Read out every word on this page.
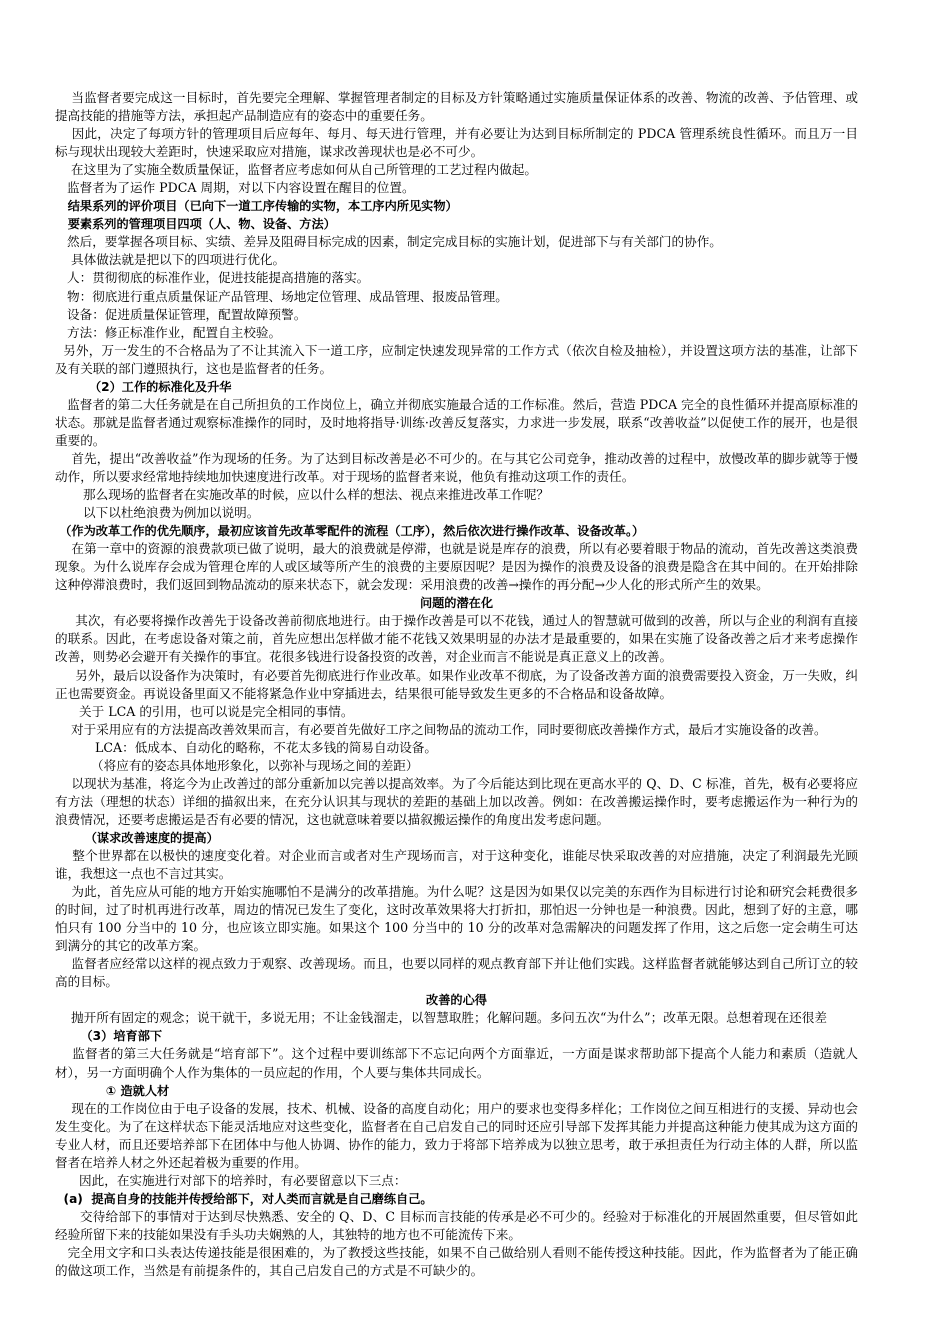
当监督者要完成这一目标时，首先要完全理解、掌握管理者制定的目标及方针策略通过实施质量保证体系的改善、物流的改善、予估管理、或提高技能的措施等方法，承担起产品制造应有的姿态中的重要任务。

因此，决定了每项方针的管理项目后应每年、每月、每天进行管理，并有必要让为达到目标所制定的 PDCA 管理系统良性循环。而且万一目标与现状出现较大差距时，快速采取应对措施，谋求改善现状也是必不可少。

在这里为了实施全数质量保证，监督者应考虑如何从自己所管理的工艺过程内做起。

监督者为了运作 PDCA 周期，对以下内容设置在醒目的位置。

结果系列的评价项目（已向下一道工序传输的实物，本工序内所见实物）

要素系列的管理项目四项（人、物、设备、方法）

然后，要掌握各项目标、实绩、差异及阻碍目标完成的因素，制定完成目标的实施计划，促进部下与有关部门的协作。

具体做法就是把以下的四项进行优化。

人：贯彻彻底的标准作业，促进技能提高措施的落实。

物：彻底进行重点质量保证产品管理、场地定位管理、成品管理、报废品管理。

设备：促进质量保证管理，配置故障预警。

方法：修正标准作业，配置自主校验。

另外，万一发生的不合格品为了不让其流入下一道工序，应制定快速发现异常的工作方式（依次自检及抽检），并设置这项方法的基准，让部下及有关联的部门遵照执行，这也是监督者的任务。

（2）工作的标准化及升华

监督者的第二大任务就是在自己所担负的工作岗位上，确立并彻底实施最合适的工作标准。然后，营造 PDCA 完全的良性循环并提高原标准的状态。那就是监督者通过观察标准操作的同时，及时地将指导·训练·改善反复落实，力求进一步发展，联系“改善收益”以促使工作的展开，也是很重要的。

首先，提出“改善收益”作为现场的任务。为了达到目标改善是必不可少的。在与其它公司竞争，推动改善的过程中，放慢改革的脚步就等于慢动作，所以要求经常地持续地加快速度进行改革。对于现场的监督者来说，他负有推动这项工作的责任。

那么现场的监督者在实施改革的时候，应以什么样的想法、视点来推进改革工作呢？

以下以杜绝浪费为例加以说明。

（作为改革工作的优先顺序，最初应该首先改革零配件的流程（工序），然后依次进行操作改革、设备改革。）

在第一章中的资源的浪费款项已做了说明，最大的浪费就是停滞，也就是说是库存的浪费，所以有必要着眼于物品的流动，首先改善这类浪费现象。为什么说库存会成为管理仓库的人或区域等所产生的浪费的主要原因呢？是因为操作的浪费及设备的浪费是隐含在其中间的。在开始排除这种停滞浪费时，我们返回到物品流动的原来状态下，就会发现：采用浪费的改善→操作的再分配→少人化的形式所产生的效果。

问题的潜在化

其次，有必要将操作改善先于设备改善前彻底地进行。由于操作改善是可以不花钱，通过人的智慧就可做到的改善，所以与企业的利润有直接的联系。因此，在考虑设备对策之前，首先应想出怎样做才能不花钱又效果明显的办法才是最重要的，如果在实施了设备改善之后才来考虑操作改善，则势必会避开有关操作的事宜。花很多钱进行设备投资的改善，对企业而言不能说是真正意义上的改善。

另外，最后以设备作为决策时，有必要首先彻底进行作业改革。如果作业改革不彻底，为了设备改善方面的浪费需要投入资金，万一失败，纠正也需要资金。再说设备里面又不能将紧急作业中穿插进去，结果很可能导致发生更多的不合格品和设备故障。

关于 LCA 的引用，也可以说是完全相同的事情。

对于采用应有的方法提高改善效果而言，有必要首先做好工序之间物品的流动工作，同时要彻底改善操作方式，最后才实施设备的改善。

LCA：低成本、自动化的略称，不花太多钱的简易自动设备。

（将应有的姿态具体地形象化，以弥补与现场之间的差距）

以现状为基准，将迄今为止改善过的部分重新加以完善以提高效率。为了今后能达到比现在更高水平的 Q、D、C 标准，首先，极有必要将应有方法（理想的状态）详细的描叙出来，在充分认识其与现状的差距的基础上加以改善。例如：在改善搬运操作时，要考虑搬运作为一种行为的浪费情况，还要考虑搬运是否有必要的情况，这也就意味着要以描叙搬运操作的角度出发考虑问题。

（谋求改善速度的提高）

整个世界都在以极快的速度变化着。对企业而言或者对生产现场而言，对于这种变化，谁能尽快采取改善的对应措施，决定了利润最先光顾谁，我想这一点也不言过其实。

为此，首先应从可能的地方开始实施哪怕不是满分的改革措施。为什么呢？这是因为如果仅以完美的东西作为目标进行讨论和研究会耗费很多的时间，过了时机再进行改革，周边的情况已发生了变化，这时改革效果将大打折扣，那怕迟一分钟也是一种浪费。因此，想到了好的主意，哪怕只有 100 分当中的 10 分，也应该立即实施。如果这个 100 分当中的 10 分的改革对急需解决的问题发挥了作用，这之后您一定会萌生可达到满分的其它的改革方案。

监督者应经常以这样的视点致力于观察、改善现场。而且，也要以同样的观点教育部下并让他们实践。这样监督者就能够达到自己所订立的较高的目标。

改善的心得

抛开所有固定的观念；说干就干，多说无用；不让金钱溜走，以智慧取胜；化解问题。多问五次“为什么”；改革无限。总想着现在还很差

（3）培育部下

监督者的第三大任务就是“培育部下”。这个过程中要训练部下不忘记向两个方面靠近，一方面是谋求帮助部下提高个人能力和素质（造就人材），另一方面明确个人作为集体的一员应起的作用，个人要与集体共同成长。

① 造就人材

现在的工作岗位由于电子设备的发展，技术、机械、设备的高度自动化；用户的要求也变得多样化；工作岗位之间互相进行的支援、异动也会发生变化。为了在这样状态下能灵活地应对这些变化，监督者在自己启发自己的同时还应引导部下发挥其能力并提高这种能力使其成为这方面的专业人材，而且还要培养部下在团体中与他人协调、协作的能力，致力于将部下培养成为以独立思考，敢于承担责任为行动主体的人群，所以监督者在培养人材之外还起着极为重要的作用。

因此，在实施进行对部下的培养时，有必要留意以下三点：

(a)  提高自身的技能并传授给部下，对人类而言就是自己磨练自己。

交待给部下的事情对于达到尽快熟悉、安全的 Q、D、C 目标而言技能的传承是必不可少的。经验对于标准化的开展固然重要，但尽管如此经验所留下来的技能如果没有手头功夫娴熟的人，其独特的地方也不可能流传下来。

完全用文字和口头表达传递技能是很困难的，为了教授这些技能，如果不自己做给别人看则不能传授这种技能。因此，作为监督者为了能正确的做这项工作，当然是有前提条件的，其自己启发自己的方式是不可缺少的。
